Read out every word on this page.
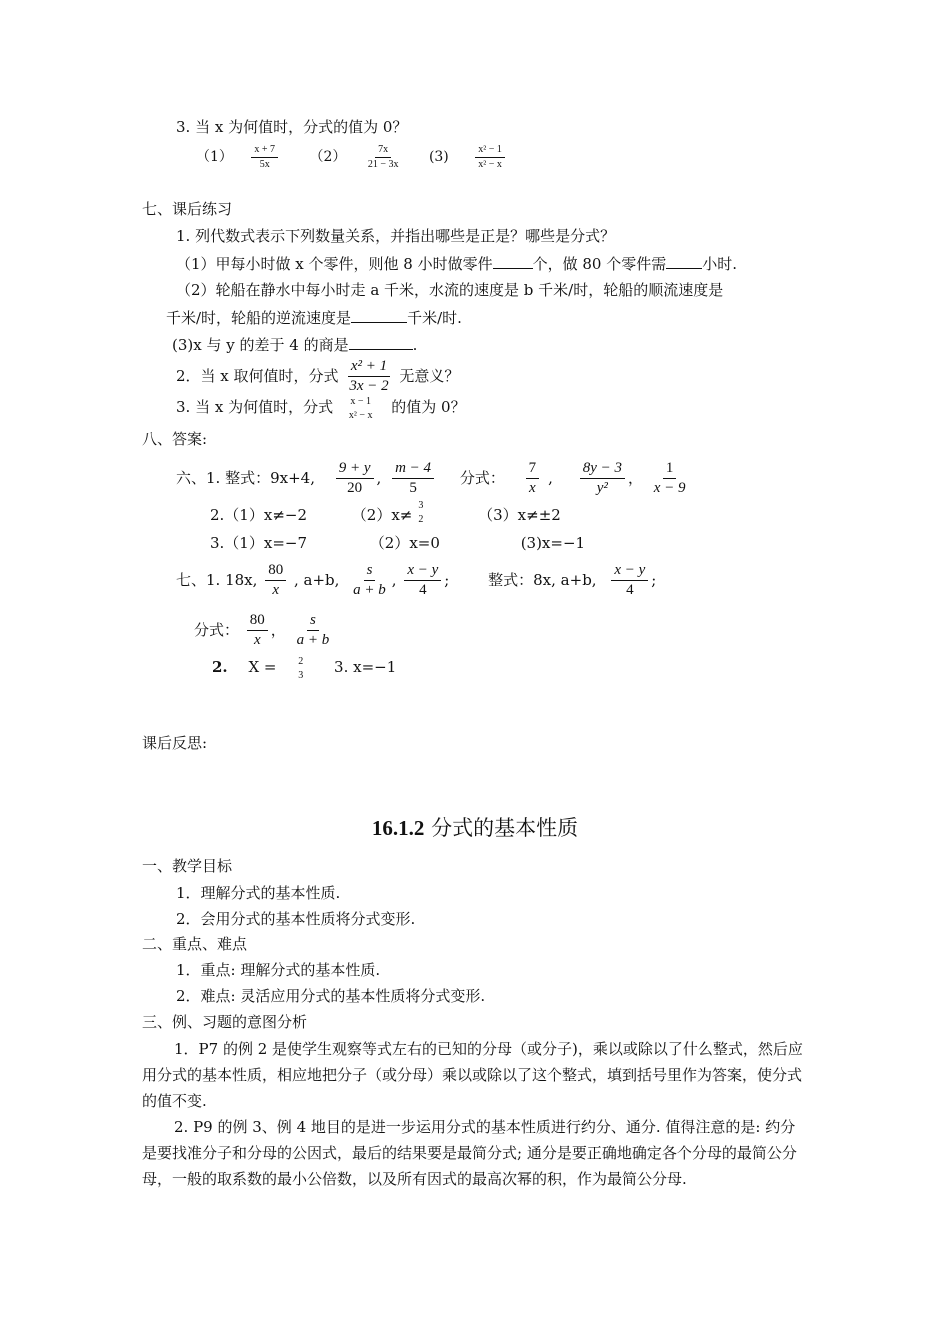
3. 当 x 为何值时，分式的值为 0？
$(1) \frac{x + 7}{5x} (2) \frac{7x}{21 - 3x} (3)$	$\frac{\text{x² − 1}}{\text{x² − x}}$
七、课后练习
1. 列代数式表示下列数量关系，并指出哪些是正是？哪些是分式？
（1）甲每小时做 x 个零件，则他 8 小时做零件	个，做 80 个零件需 小时.
（2）轮船在静水中每小时走 a 千米，水流的速度是 b 千米/时，轮船的顺流速度是
千米/时，轮船的逆流速度是	千米/时.
(3)x 与 y 的差于 4 的商是	.
2．当 x 取何值时，分式 $\frac{\text{x² + 1}}{3x - 2}$ 无意义？
3. 当 x 为何值时，分式	x − 1
x² − x 的值为 0？
八、答案:
六、1. 整式：9x+4, $\frac{9 + y}{20}$ , $\frac{m - 4}{5}$ 分式： $\frac{7}{x}$ , $\frac{8y - 3}{\text{y²}}$ ， $\frac{1}{x - 9}$
2.（1）x≠−2	（2）x≠
3
2	（3）x≠±2
3.（1）x=−7	（2）x=0	(3)x=−1
七、1. 18x, $\frac{80}{x}$ , a+b, $\frac{s}{a + b}$ , $\frac{x - y}{4}$ ;	整式：8x, a+b, $\frac{x - y}{4}$ ;
分式： $\frac{80}{x}$ ， $\frac{s}{a + b}$
2. X =	2
3 3. x=−1
课后反思:
16.1.2 分式的基本性质
一、教学目标
1．理解分式的基本性质.
2．会用分式的基本性质将分式变形.
二、重点、难点
1．重点: 理解分式的基本性质.
2．难点: 灵活应用分式的基本性质将分式变形.
三、例、习题的意图分析
1．P7 的例 2 是使学生观察等式左右的已知的分母（或分子)，乘以或除以了什么整式，然后应用分式的基本性质，相应地把分子（或分母）乘以或除以了这个整式，填到括号里作为答案，使分式的值不变.
2. P9 的例 3、例 4 地目的是进一步运用分式的基本性质进行约分、通分. 值得注意的是: 约分是要找准分子和分母的公因式，最后的结果要是最简分式; 通分是要正确地确定各个分母的最简公分母，一般的取系数的最小公倍数，以及所有因式的最高次幂的积，作为最简公分母.
